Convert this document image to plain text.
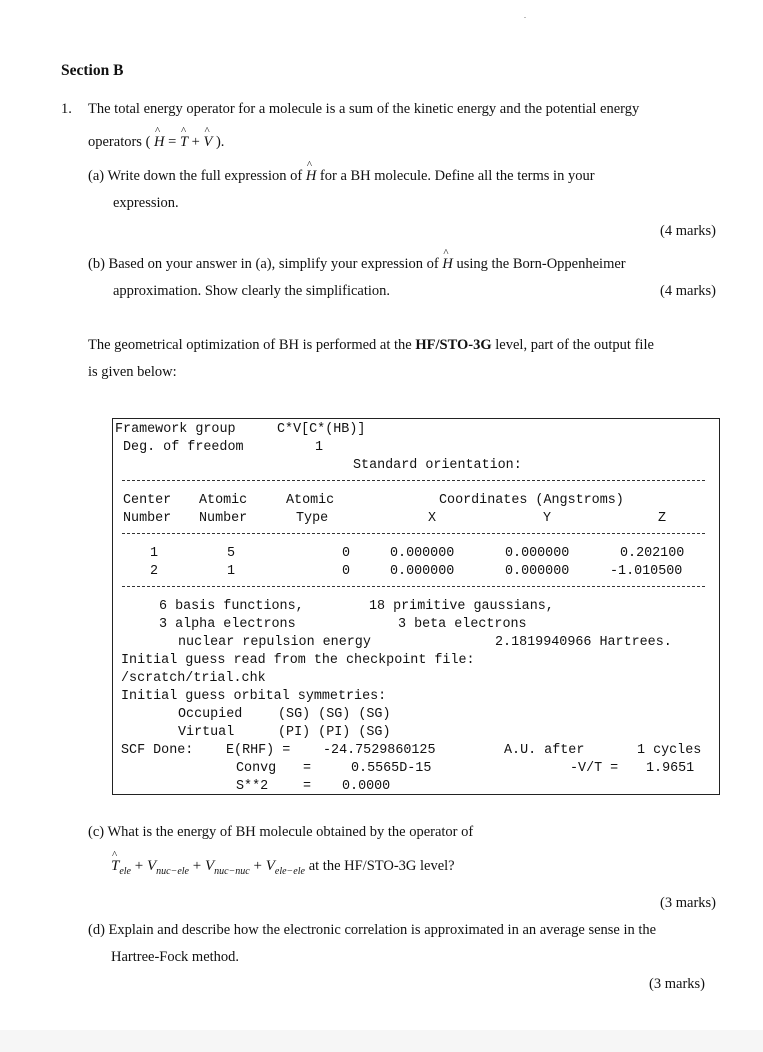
Section B
1. The total energy operator for a molecule is a sum of the kinetic energy and the potential energy
operators ( ^ H = ^ T + ^ V ).
(a) Write down the full expression of ^ H for a BH molecule. Define all the terms in your
expression.
(4 marks)
(b) Based on your answer in (a), simplify your expression of ^ H using the Born-Oppenheimer
approximation. Show clearly the simplification.	(4 marks)
The geometrical optimization of BH is performed at the HF/STO-3G level, part of the output file
is given below:
Framework group	C*V[C*(HB)]
Deg. of freedom	1
Standard orientation:
Center Atomic	Atomic	Coordinates (Angstroms)
Number Number	Type	X	Y	Z
1	5	0	0.000000	0.000000	0.202100
2	1	0	0.000000	0.000000	-1.010500
6 basis functions,	18 primitive gaussians,
3 alpha electrons	3 beta electrons
nuclear repulsion energy	2.1819940966 Hartrees.
Initial guess read from the checkpoint file:
/scratch/trial.chk
Initial guess orbital symmetries:
Occupied	(SG) (SG) (SG)
Virtual	(PI) (PI) (SG)
SCF Done: E(RHF) = -24.7529860125	A.U. after	1 cycles
Convg =	0.5565D-15	-V/T = 1.9651
S**2	= 0.0000
(c) What is the energy of BH molecule obtained by the operator of
^ $T_{ele} + V_{nuc-ele} + V_{nuc-nuc} + V_{ele-ele}$ at the HF/STO-3G level?
(3 marks)
(d) Explain and describe how the electronic correlation is approximated in an average sense in the
Hartree-Fock method.
(3 marks)
